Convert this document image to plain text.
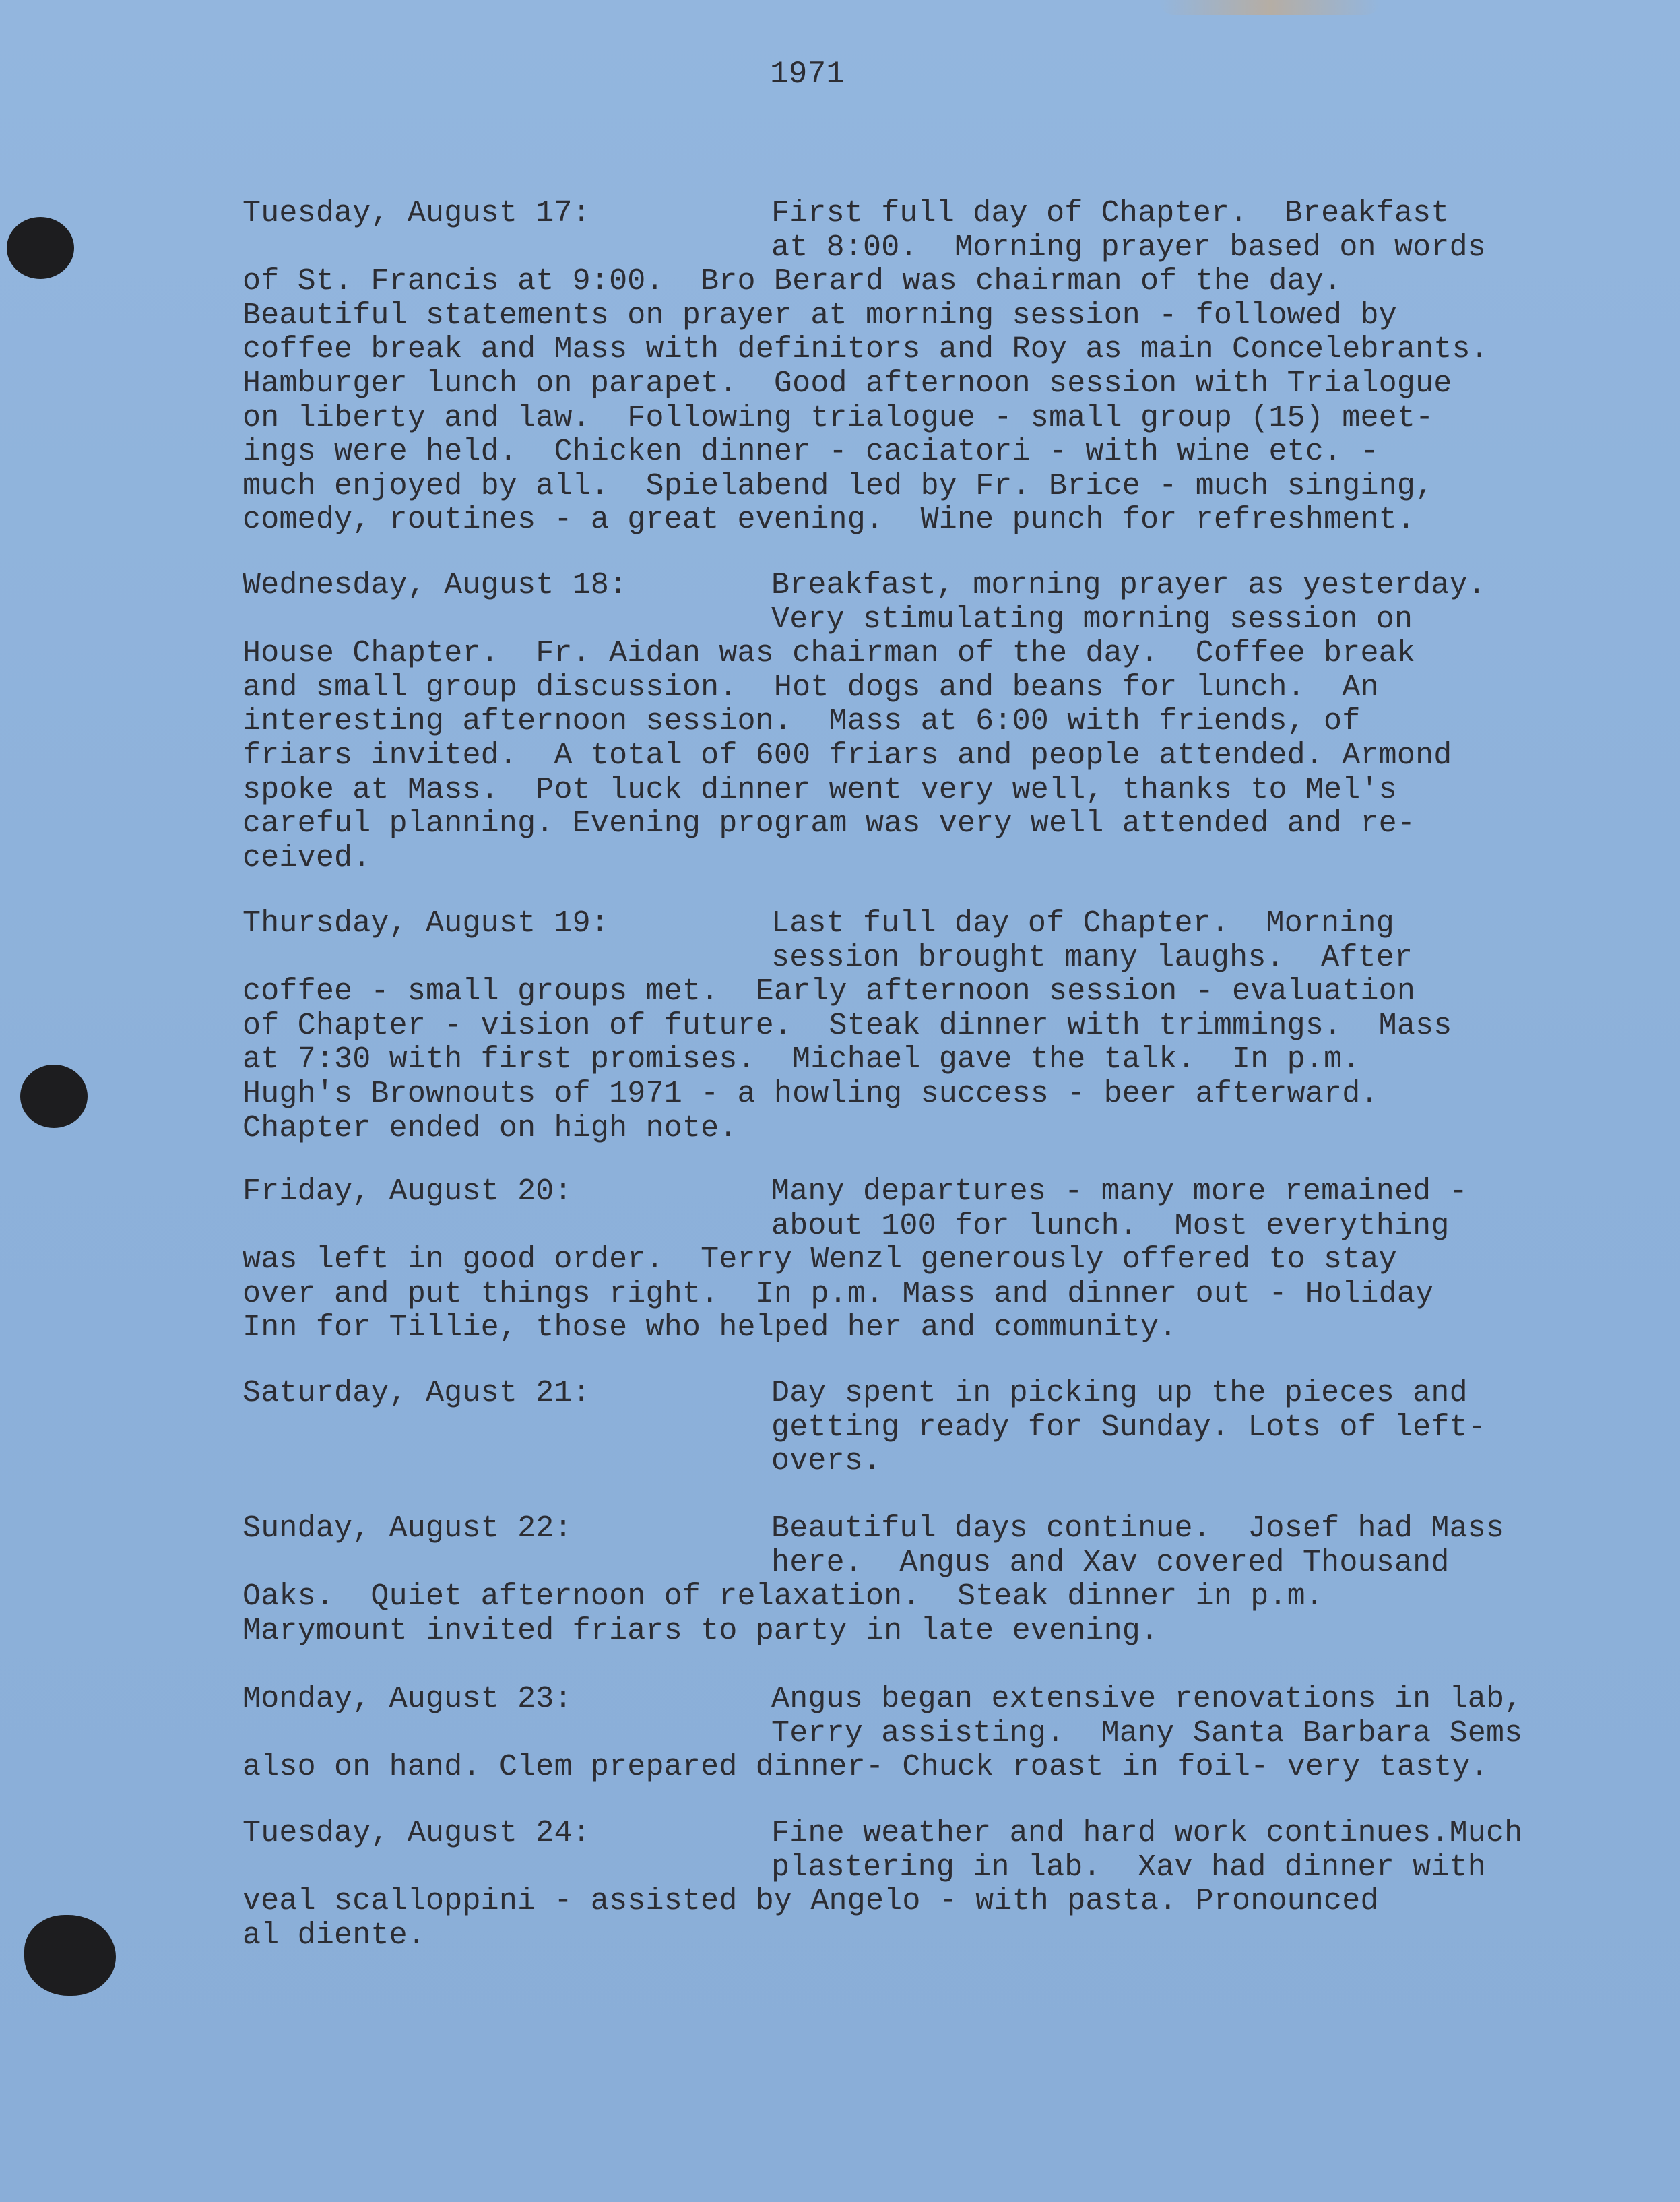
1971

Tuesday, August 17:

	First full day of Chapter.  Breakfast

at 8:00.  Morning prayer based on words

of St. Francis at 9:00.  Bro Berard was chairman of the day.
Beautiful statements on prayer at morning session - followed by
coffee break and Mass with definitors and Roy as main Concelebrants.
Hamburger lunch on parapet.  Good afternoon session with Trialogue
on liberty and law.  Following trialogue - small group (15) meet-
ings were held.  Chicken dinner - caciatori - with wine etc. -
much enjoyed by all.  Spielabend led by Fr. Brice - much singing,
comedy, routines - a great evening.  Wine punch for refreshment.

Wednesday, August 18:

	Breakfast, morning prayer as yesterday.

Very stimulating morning session on

House Chapter.  Fr. Aidan was chairman of the day.  Coffee break
and small group discussion.  Hot dogs and beans for lunch.  An
interesting afternoon session.  Mass at 6:00 with friends, of
friars invited.  A total of 600 friars and people attended. Armond
spoke at Mass.  Pot luck dinner went very well, thanks to Mel's
careful planning. Evening program was very well attended and re-
ceived.

Thursday, August 19:

	Last full day of Chapter.  Morning

session brought many laughs.  After

coffee - small groups met.  Early afternoon session - evaluation
of Chapter - vision of future.  Steak dinner with trimmings.  Mass
at 7:30 with first promises.  Michael gave the talk.  In p.m.
Hugh's Brownouts of 1971 - a howling success - beer afterward.
Chapter ended on high note.

Friday, August 20:

	Many departures - many more remained -

about 100 for lunch.  Most everything

was left in good order.  Terry Wenzl generously offered to stay
over and put things right.  In p.m. Mass and dinner out - Holiday
Inn for Tillie, those who helped her and community.

Saturday, Agust 21:

	Day spent in picking up the pieces and

getting ready for Sunday. Lots of left-

overs.

Sunday, August 22:

	Beautiful days continue.  Josef had Mass

here.  Angus and Xav covered Thousand

Oaks.  Quiet afternoon of relaxation.  Steak dinner in p.m.
Marymount invited friars to party in late evening.

Monday, August 23:

	Angus began extensive renovations in lab,

Terry assisting.  Many Santa Barbara Sems

also on hand. Clem prepared dinner- Chuck roast in foil- very tasty.

Tuesday, August 24:

	Fine weather and hard work continues.Much

plastering in lab.  Xav had dinner with

veal scalloppini - assisted by Angelo - with pasta. Pronounced
al diente.
